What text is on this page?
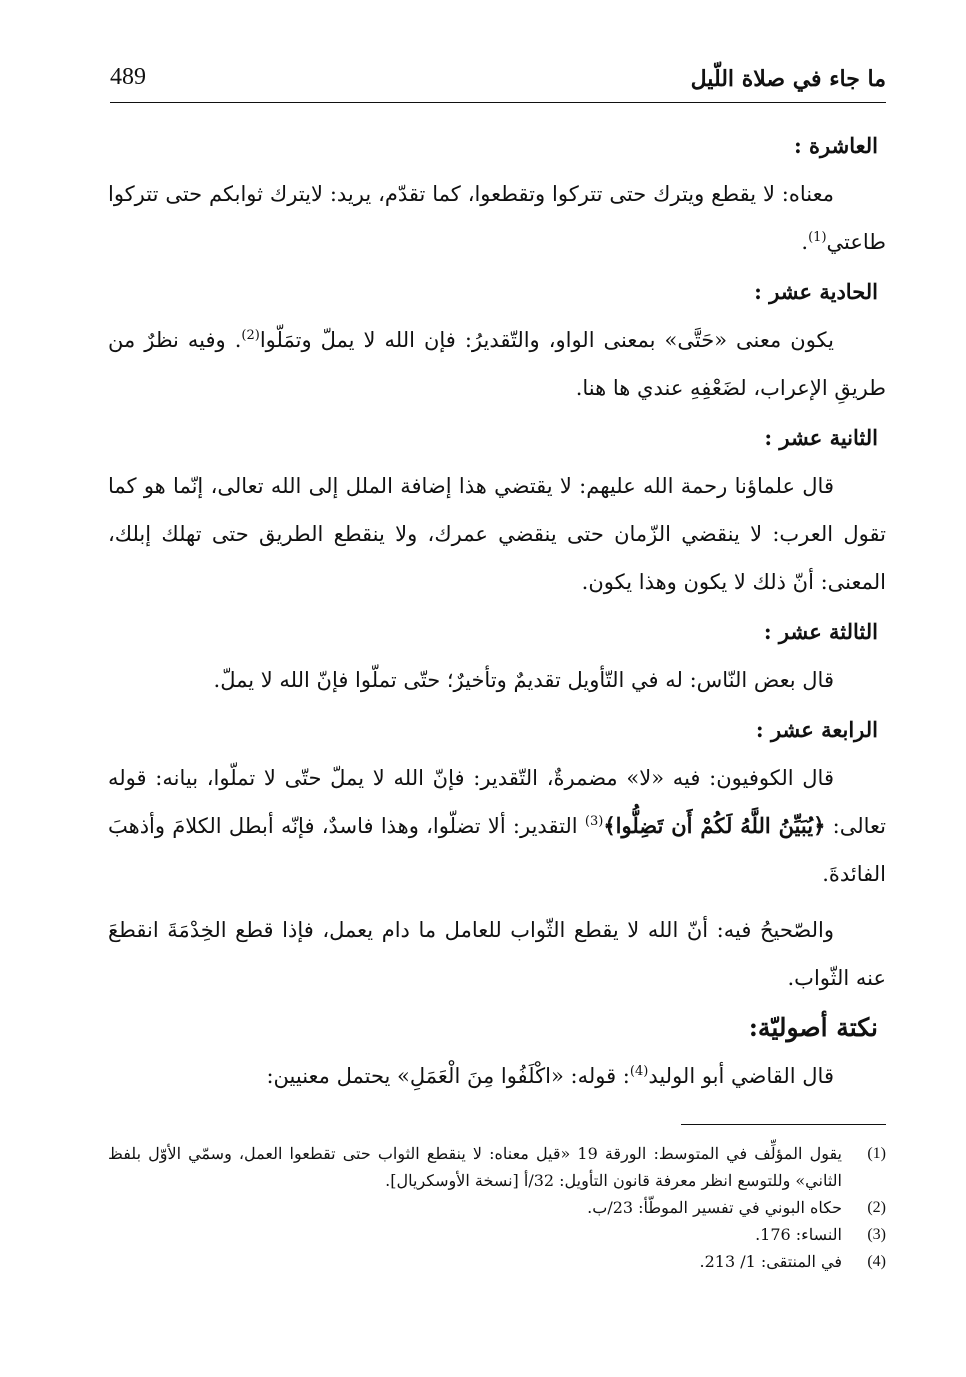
ما جاء في صلاة اللّيل
489
العاشرة :

معناه: لا يقطع ويترك حتى تتركوا وتقطعوا، كما تقدّم، يريد: لايترك ثوابكم حتى تتركوا طاعتي$^{(1)}$.

الحادية عشر :

يكون معنى «حَتَّى» بمعنى الواو، والتّقديرُ: فإن الله لا يملّ وتمَلّوا$^{(2)}$. وفيه نظرٌ من طريقِ الإعراب، لضَعْفِهِ عندي ها هنا.

الثانية عشر :

قال علماؤنا رحمة الله عليهم: لا يقتضي هذا إضافة الملل إلى الله تعالى، إنّما هو كما تقول العرب: لا ينقضي الزّمان حتى ينقضي عمرك، ولا ينقطع الطريق حتى تهلك إبلك، المعنى: أنّ ذلك لا يكون وهذا يكون.

الثالثة عشر :

قال بعض النّاس: له في التّأويل تقديمٌ وتأخيرٌ؛ حتّى تملّوا فإنّ الله لا يملّ.

الرابعة عشر :

قال الكوفيون: فيه «لا» مضمرةٌ، التّقدير: فإنّ الله لا يملّ حتّى لا تملّوا، بيانه: قوله تعالى: ﴿يُبَيِّنُ اللَّهُ لَكُمْ أَن تَضِلُّوا﴾$^{(3)}$ التقدير: ألا تضلّوا، وهذا فاسدٌ، فإنّه أبطل الكلامَ وأذهبَ الفائدةَ.

والصّحيحُ فيه: أنّ الله لا يقطع الثّواب للعامل ما دام يعمل، فإذا قطع الخِدْمَةَ انقطعَ عنه الثّواب.

نكتة أصوليّة:

قال القاضي أبو الوليد$^{(4)}$: قوله: «اكْلَفُوا مِنَ الْعَمَلِ» يحتمل معنيين:

(1)
يقول المؤلِّف في المتوسط: الورقة 19 «قيل معناه: لا ينقطع الثواب حتى تقطعوا العمل، وسمّي الأوّل بلفظ الثاني» وللتوسع انظر معرفة قانون التأويل: 32/أ [نسخة الأوسكريال].
(2)
حكاه البوني في تفسير الموطّأ: 23/ب.
(3)
النساء: 176.
(4)
في المنتقى: 1/ 213.
